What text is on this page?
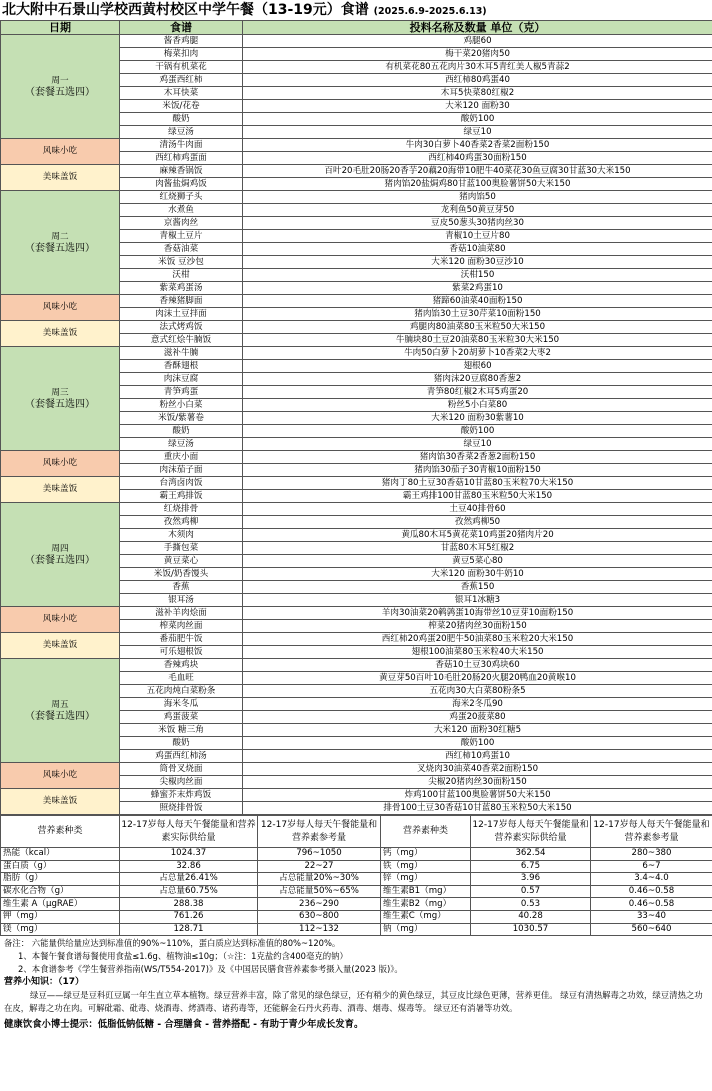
北大附中石景山学校西黄村校区中学午餐（13-19元）食谱 (2025.6.9-2025.6.13)
日期	食谱	投料名称及数量 单位（克）

周一
（套餐五选四）	酱香鸡腿	鸡腿60
	梅菜扣肉	梅干菜20猪肉50
	干锅有机菜花	有机菜花80五花肉片30木耳5青红美人椒5青蒜2
	鸡蛋西红柿	西红柿80鸡蛋40
	木耳快菜	木耳5快菜80红椒2
	米饭/花卷	大米120 面粉30
	酸奶	酸奶100
	绿豆汤	绿豆10
风味小吃	清汤牛肉面	牛肉30白萝卜40香菜2香菜2面粉150
	西红柿鸡蛋面	西红柿40鸡蛋30面粉150
美味盖饭	麻辣香锅饭	百叶20毛肚20肠20香芋20藕20海带10肥牛40菜花30鱼豆腐30甘蓝30大米150
	肉酱盐焗鸡饭	猪肉馅20盐焗鸡80甘蓝100奥脸薯饼50大米150

周二
（套餐五选四）	红烧狮子头	猪肉馅50
	水煮鱼	龙利鱼50黄豆芽50
	京酱肉丝	豆皮50葱头30猪肉丝30
	青椒土豆片	青椒10土豆片80
	香菇油菜	香菇10油菜80
	米饭 豆沙包	大米120 面粉30豆沙10
	沃柑	沃柑150
	紫菜鸡蛋汤	紫菜2鸡蛋10
风味小吃	香辣猪脚面	猪蹄60油菜40面粉150
	肉沫土豆拌面	猪肉馅30土豆30芹菜10面粉150
美味盖饭	法式烤鸡饭	鸡腿肉80油菜80玉米粒50大米150
	意式红烩牛腩饭	牛腩块80土豆20油菜80玉米粒30大米150

周三
（套餐五选四）	滋补牛腩	牛肉50白萝卜20胡萝卜10香菜2大枣2
	香酥翅根	翅根60
	肉沫豆腐	猪肉沫20豆腐80香葱2
	青笋鸡蛋	青笋80红椒2木耳5鸡蛋20
	粉丝小白菜	粉丝5小白菜80
	米饭/紫薯卷	大米120 面粉30紫薯10
	酸奶	酸奶100
	绿豆汤	绿豆10
风味小吃	重庆小面	猪肉馅30香菜2香葱2面粉150
	肉沫茄子面	猪肉馅30茄子30青椒10面粉150
美味盖饭	台湾卤肉饭	猪肉丁80土豆30香菇10甘蓝80玉米粒70大米150
	霸王鸡排饭	霸王鸡排100甘蓝80玉米粒50大米150

周四
（套餐五选四）	红烧排骨	土豆40排骨60
	孜然鸡柳	孜然鸡柳50
	木须肉	黄瓜80木耳5黄花菜10鸡蛋20猪肉片20
	手撕包菜	甘蓝80木耳5红椒2
	黄豆菜心	黄豆5菜心80
	米饭/奶香馒头	大米120 面粉30牛奶10
	香蕉	香蕉150
	银耳汤	银耳1冰糖3
风味小吃	滋补羊肉烩面	羊肉30油菜20鹌鹑蛋10海带丝10豆芽10面粉150
	榨菜肉丝面	榨菜20猪肉丝30面粉150
美味盖饭	番茄肥牛饭	西红柿20鸡蛋20肥牛50油菜80玉米粒20大米150
	可乐翅根饭	翅根100油菜80玉米粒40大米150

周五
（套餐五选四）	香辣鸡块	香菇10土豆30鸡块60
	毛血旺	黄豆芽50百叶10毛肚20肠20火腿20鸭血20黄喉10
	五花肉炖白菜粉条	五花肉30大白菜80粉条5
	海米冬瓜	海米2冬瓜90
	鸡蛋菠菜	鸡蛋20菠菜80
	米饭 糖三角	大米120 面粉30红糖5
	酸奶	酸奶100
	鸡蛋西红柿汤	西红柿10鸡蛋10
风味小吃	筒骨叉烧面	叉烧肉30油菜40香菜2面粉150
	尖椒肉丝面	尖椒20猪肉丝30面粉150
美味盖饭	蜂蜜芥末炸鸡饭	炸鸡100甘蓝100奥脸薯饼50大米150
	照烧排骨饭	排骨100土豆30香菇10甘蓝80玉米粒50大米150
营养素种类	12-17岁每人每天午餐能量和营养素实际供给量	12-17岁每人每天午餐能量和营养素参考量	营养素种类	12-17岁每人每天午餐能量和营养素实际供给量	12-17岁每人每天午餐能量和营养素参考量
热能（kcal）	1024.37	796~1050	钙（mg）	362.54	280~380
蛋白质（g）	32.86	22~27	铁（mg）	6.75	6~7
脂肪（g）	占总量26.41%	占总能量20%~30%	锌（mg）	3.96	3.4~4.0
碳水化合物（g）	占总量60.75%	占总能量50%~65%	维生素B1（mg）	0.57	0.46~0.58
维生素 A（μgRAE）	288.38	236~290	维生素B2（mg）	0.53	0.46~0.58
钾（mg）	761.26	630~800	维生素C（mg）	40.28	33~40
镁（mg）	128.71	112~132	钠（mg）	1030.57	560~640

备注： 六能量供给量应达到标准值的90%~110%，蛋白质应达到标准值的80%~120%。

1、本餐午餐食谱每餐使用食盐≤1.6g、植物油≤10g；（☆注：1克盐约含400毫克的钠）

2、本食谱参考《学生餐营养指南(WS/T554-2017)》及《中国居民膳食营养素参考摄入量(2023 版)》。

营养小知识：（17）
绿豆——绿豆是豆科豇豆属一年生直立草本植物。绿豆营养丰富，除了常见的绿色绿豆，还有稍少的黄色绿豆，其豆皮比绿色更薄，营养更佳。 绿豆有清热解毒之功效，绿豆清热之功在皮，解毒之功在肉。可解砒霜、砒毒、烧酒毒、烤酒毒、诸药毒等，还能解金石丹火药毒、酒毒、烟毒、煤毒等。 绿豆还有消暑等功效。
健康饮食小博士提示：低脂低钠低糖 - 合理膳食 - 营养搭配 - 有助于青少年成长发育。
